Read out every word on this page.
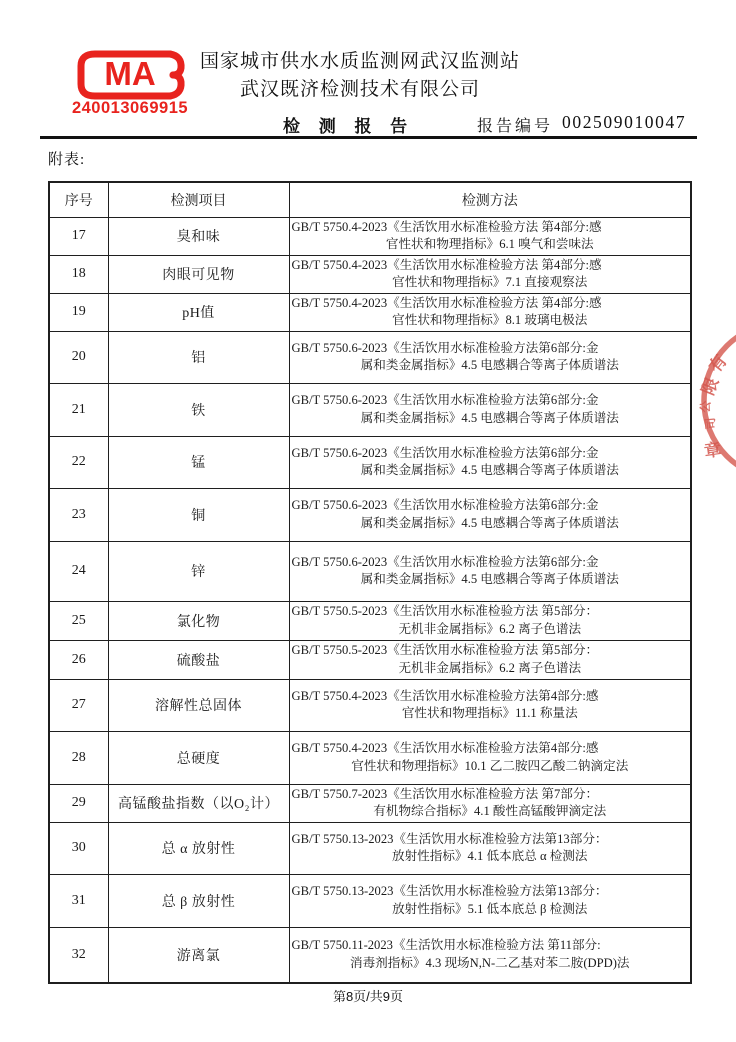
MA
240013069915
国家城市供水水质监测网武汉监测站
武汉既济检测技术有限公司
检 测 报 告	报告编号 002509010047
附表:
序号	检测项目	检测方法
17	臭和味	GB/T 5750.4-2023《生活饮用水标准检验方法 第4部分:感
官性状和物理指标》6.1 嗅气和尝味法

18	肉眼可见物	GB/T 5750.4-2023《生活饮用水标准检验方法 第4部分:感
官性状和物理指标》7.1 直接观察法

19	pH值	GB/T 5750.4-2023《生活饮用水标准检验方法 第4部分:感
官性状和物理指标》8.1 玻璃电极法

20	铝	GB/T 5750.6-2023《生活饮用水标准检验方法第6部分:金
属和类金属指标》4.5 电感耦合等离子体质谱法

21	铁	GB/T 5750.6-2023《生活饮用水标准检验方法第6部分:金
属和类金属指标》4.5 电感耦合等离子体质谱法

22	锰	GB/T 5750.6-2023《生活饮用水标准检验方法第6部分:金
属和类金属指标》4.5 电感耦合等离子体质谱法

23	铜	GB/T 5750.6-2023《生活饮用水标准检验方法第6部分:金
属和类金属指标》4.5 电感耦合等离子体质谱法

24	锌	GB/T 5750.6-2023《生活饮用水标准检验方法第6部分:金
属和类金属指标》4.5 电感耦合等离子体质谱法

25	氯化物	GB/T 5750.5-2023《生活饮用水标准检验方法 第5部分：
无机非金属指标》6.2 离子色谱法

26	硫酸盐	GB/T 5750.5-2023《生活饮用水标准检验方法 第5部分：
无机非金属指标》6.2 离子色谱法

27	溶解性总固体	GB/T 5750.4-2023《生活饮用水标准检验方法第4部分:感
官性状和物理指标》11.1 称量法

28	总硬度	GB/T 5750.4-2023《生活饮用水标准检验方法第4部分:感
官性状和物理指标》10.1 乙二胺四乙酸二钠滴定法

29	高锰酸盐指数（以O₂计）	GB/T 5750.7-2023《生活饮用水标准检验方法 第7部分：
有机物综合指标》4.1 酸性高锰酸钾滴定法

30	总 α 放射性	GB/T 5750.13-2023《生活饮用水标准检验方法第13部分：
放射性指标》4.1 低本底总 α 检测法

31	总 β 放射性	GB/T 5750.13-2023《生活饮用水标准检验方法第13部分：
放射性指标》5.1 低本底总 β 检测法

32	游离氯	GB/T 5750.11-2023《生活饮用水标准检验方法 第11部分:
消毒剂指标》4.3 现场N,N-二乙基对苯二胺(DPD)法
第8页/共9页
有
限
公
司
章
